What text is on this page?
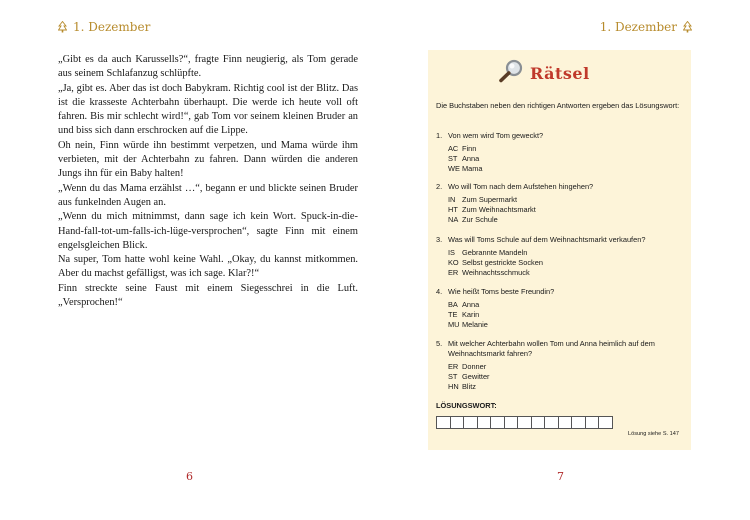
1. Dezember	1. Dezember

„Gibt es da auch Karussells?“, fragte Finn neugierig, als Tom gerade aus seinem Schlafanzug schlüpfte.

„Ja, gibt es. Aber das ist doch Babykram. Richtig cool ist der Blitz. Das ist die krasseste Achterbahn überhaupt. Die werde ich heute voll oft fahren. Bis mir schlecht wird!“, gab Tom vor seinem kleinen Bruder an und biss sich dann erschrocken auf die Lippe.

Oh nein, Finn würde ihn bestimmt verpetzen, und Mama würde ihm verbieten, mit der Achterbahn zu fahren. Dann würden die anderen Jungs ihn für ein Baby halten!

„Wenn du das Mama erzählst …“, begann er und blickte seinen Bruder aus funkelnden Augen an.

„Wenn du mich mitnimmst, dann sage ich kein Wort. Spuck-in-die-Hand-fall-tot-um-falls-ich-lüge-versprochen“, sagte Finn mit einem engelsgleichen Blick.

Na super, Tom hatte wohl keine Wahl. „Okay, du kannst mitkommen. Aber du machst gefälligst, was ich sage. Klar?!“

Finn streckte seine Faust mit einem Siegesschrei in die Luft. „Versprochen!“

6	7
Rätsel
Die Buchstaben neben den richtigen Antworten ergeben das Lösungswort:
1. Von wem wird Tom geweckt?
AC Finn
ST Anna
WE Mama
2. Wo will Tom nach dem Aufstehen hingehen?
IN Zum Supermarkt
HT Zum Weihnachtsmarkt
NA Zur Schule
3. Was will Toms Schule auf dem Weihnachtsmarkt verkaufen?
IS Gebrannte Mandeln
KO Selbst gestrickte Socken
ER Weihnachtsschmuck
4. Wie heißt Toms beste Freundin?
BA Anna
TE Karin
MU Melanie
5. Mit welcher Achterbahn wollen Tom und Anna heimlich auf dem Weihnachtsmarkt fahren?
ER Donner
ST Gewitter
HN Blitz
LÖSUNGSWORT:
Lösung siehe S. 147
